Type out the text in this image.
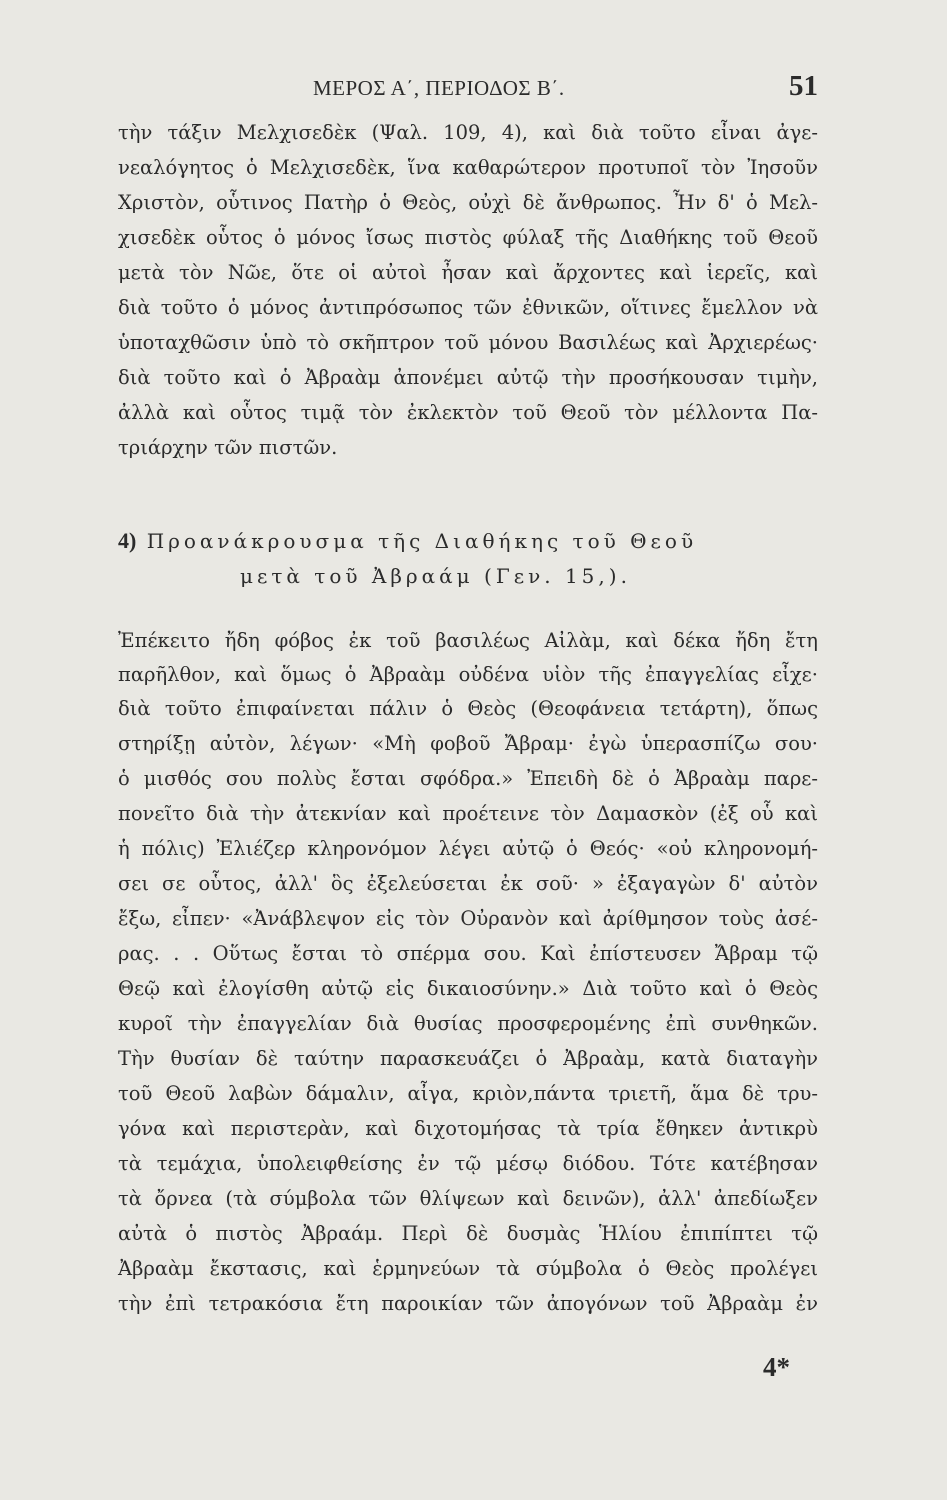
ΜΕΡΟΣ Α΄, ΠΕΡΙΟΔΟΣ Β΄.	51
τὴν τάξιν Μελχισεδὲκ (Ψαλ. 109, 4), καὶ διὰ τοῦτο εἶναι ἀγε-
νεαλόγητος ὁ Μελχισεδὲκ, ἵνα καθαρώτερον προτυποῖ τὸν Ἰησοῦν
Χριστὸν, οὗτινος Πατὴρ ὁ Θεὸς, οὐχὶ δὲ ἄνθρωπος. Ἦν δ' ὁ Μελ-
χισεδὲκ οὗτος ὁ μόνος ἴσως πιστὸς φύλαξ τῆς Διαθήκης τοῦ Θεοῦ
μετὰ τὸν Νῶε, ὅτε οἱ αὐτοὶ ἦσαν καὶ ἄρχοντες καὶ ἱερεῖς, καὶ
διὰ τοῦτο ὁ μόνος ἀντιπρόσωπος τῶν ἐθνικῶν, οἵτινες ἔμελλον νὰ
ὑποταχθῶσιν ὑπὸ τὸ σκῆπτρον τοῦ μόνου Βασιλέως καὶ Ἀρχιερέως·
διὰ τοῦτο καὶ ὁ Ἀβραὰμ ἀπονέμει αὐτῷ τὴν προσήκουσαν τιμὴν,
ἀλλὰ καὶ οὗτος τιμᾷ τὸν ἐκλεκτὸν τοῦ Θεοῦ τὸν μέλλοντα Πα-
τριάρχην τῶν πιστῶν.
4) Προανάκρουσμα τῆς Διαθήκης τοῦ Θεοῦ
μετὰ τοῦ Ἀβραάμ (Γεν. 15,).
Ἐπέκειτο ἤδη φόβος ἐκ τοῦ βασιλέως Αἰλὰμ, καὶ δέκα ἤδη ἔτη
παρῆλθον, καὶ ὅμως ὁ Ἀβραὰμ οὐδένα υἱὸν τῆς ἐπαγγελίας εἶχε·
διὰ τοῦτο ἐπιφαίνεται πάλιν ὁ Θεὸς (Θεοφάνεια τετάρτη), ὅπως
στηρίξῃ αὐτὸν, λέγων· «Μὴ φοβοῦ Ἄβραμ· ἐγὼ ὑπερασπίζω σου·
ὁ μισθός σου πολὺς ἔσται σφόδρα.» Ἐπειδὴ δὲ ὁ Ἀβραὰμ παρε-
πονεῖτο διὰ τὴν ἀτεκνίαν καὶ προέτεινε τὸν Δαμασκὸν (ἐξ οὗ καὶ
ἡ πόλις) Ἐλιέζερ κληρονόμον λέγει αὐτῷ ὁ Θεός· «οὐ κληρονομή-
σει σε οὗτος, ἀλλ' ὃς ἐξελεύσεται ἐκ σοῦ· » ἐξαγαγὼν δ' αὐτὸν
ἔξω, εἶπεν· «Ἀνάβλεψον εἰς τὸν Οὐρανὸν καὶ ἀρίθμησον τοὺς ἀσέ-
ρας. . . Οὕτως ἔσται τὸ σπέρμα σου. Καὶ ἐπίστευσεν Ἄβραμ τῷ
Θεῷ καὶ ἐλογίσθη αὐτῷ εἰς δικαιοσύνην.» Διὰ τοῦτο καὶ ὁ Θεὸς
κυροῖ τὴν ἐπαγγελίαν διὰ θυσίας προσφερομένης ἐπὶ συνθηκῶν.
Τὴν θυσίαν δὲ ταύτην παρασκευάζει ὁ Ἀβραὰμ, κατὰ διαταγὴν
τοῦ Θεοῦ λαβὼν δάμαλιν, αἶγα, κριὸν,πάντα τριετῆ, ἅμα δὲ τρυ-
γόνα καὶ περιστερὰν, καὶ διχοτομήσας τὰ τρία ἔθηκεν ἀντικρὺ
τὰ τεμάχια, ὑπολειφθείσης ἐν τῷ μέσῳ διόδου. Τότε κατέβησαν
τὰ ὄρνεα (τὰ σύμβολα τῶν θλίψεων καὶ δεινῶν), ἀλλ' ἀπεδίωξεν
αὐτὰ ὁ πιστὸς Ἀβραάμ. Περὶ δὲ δυσμὰς Ἡλίου ἐπιπίπτει τῷ
Ἀβραὰμ ἔκστασις, καὶ ἑρμηνεύων τὰ σύμβολα ὁ Θεὸς προλέγει
τὴν ἐπὶ τετρακόσια ἔτη παροικίαν τῶν ἀπογόνων τοῦ Ἀβραὰμ ἐν
4*
